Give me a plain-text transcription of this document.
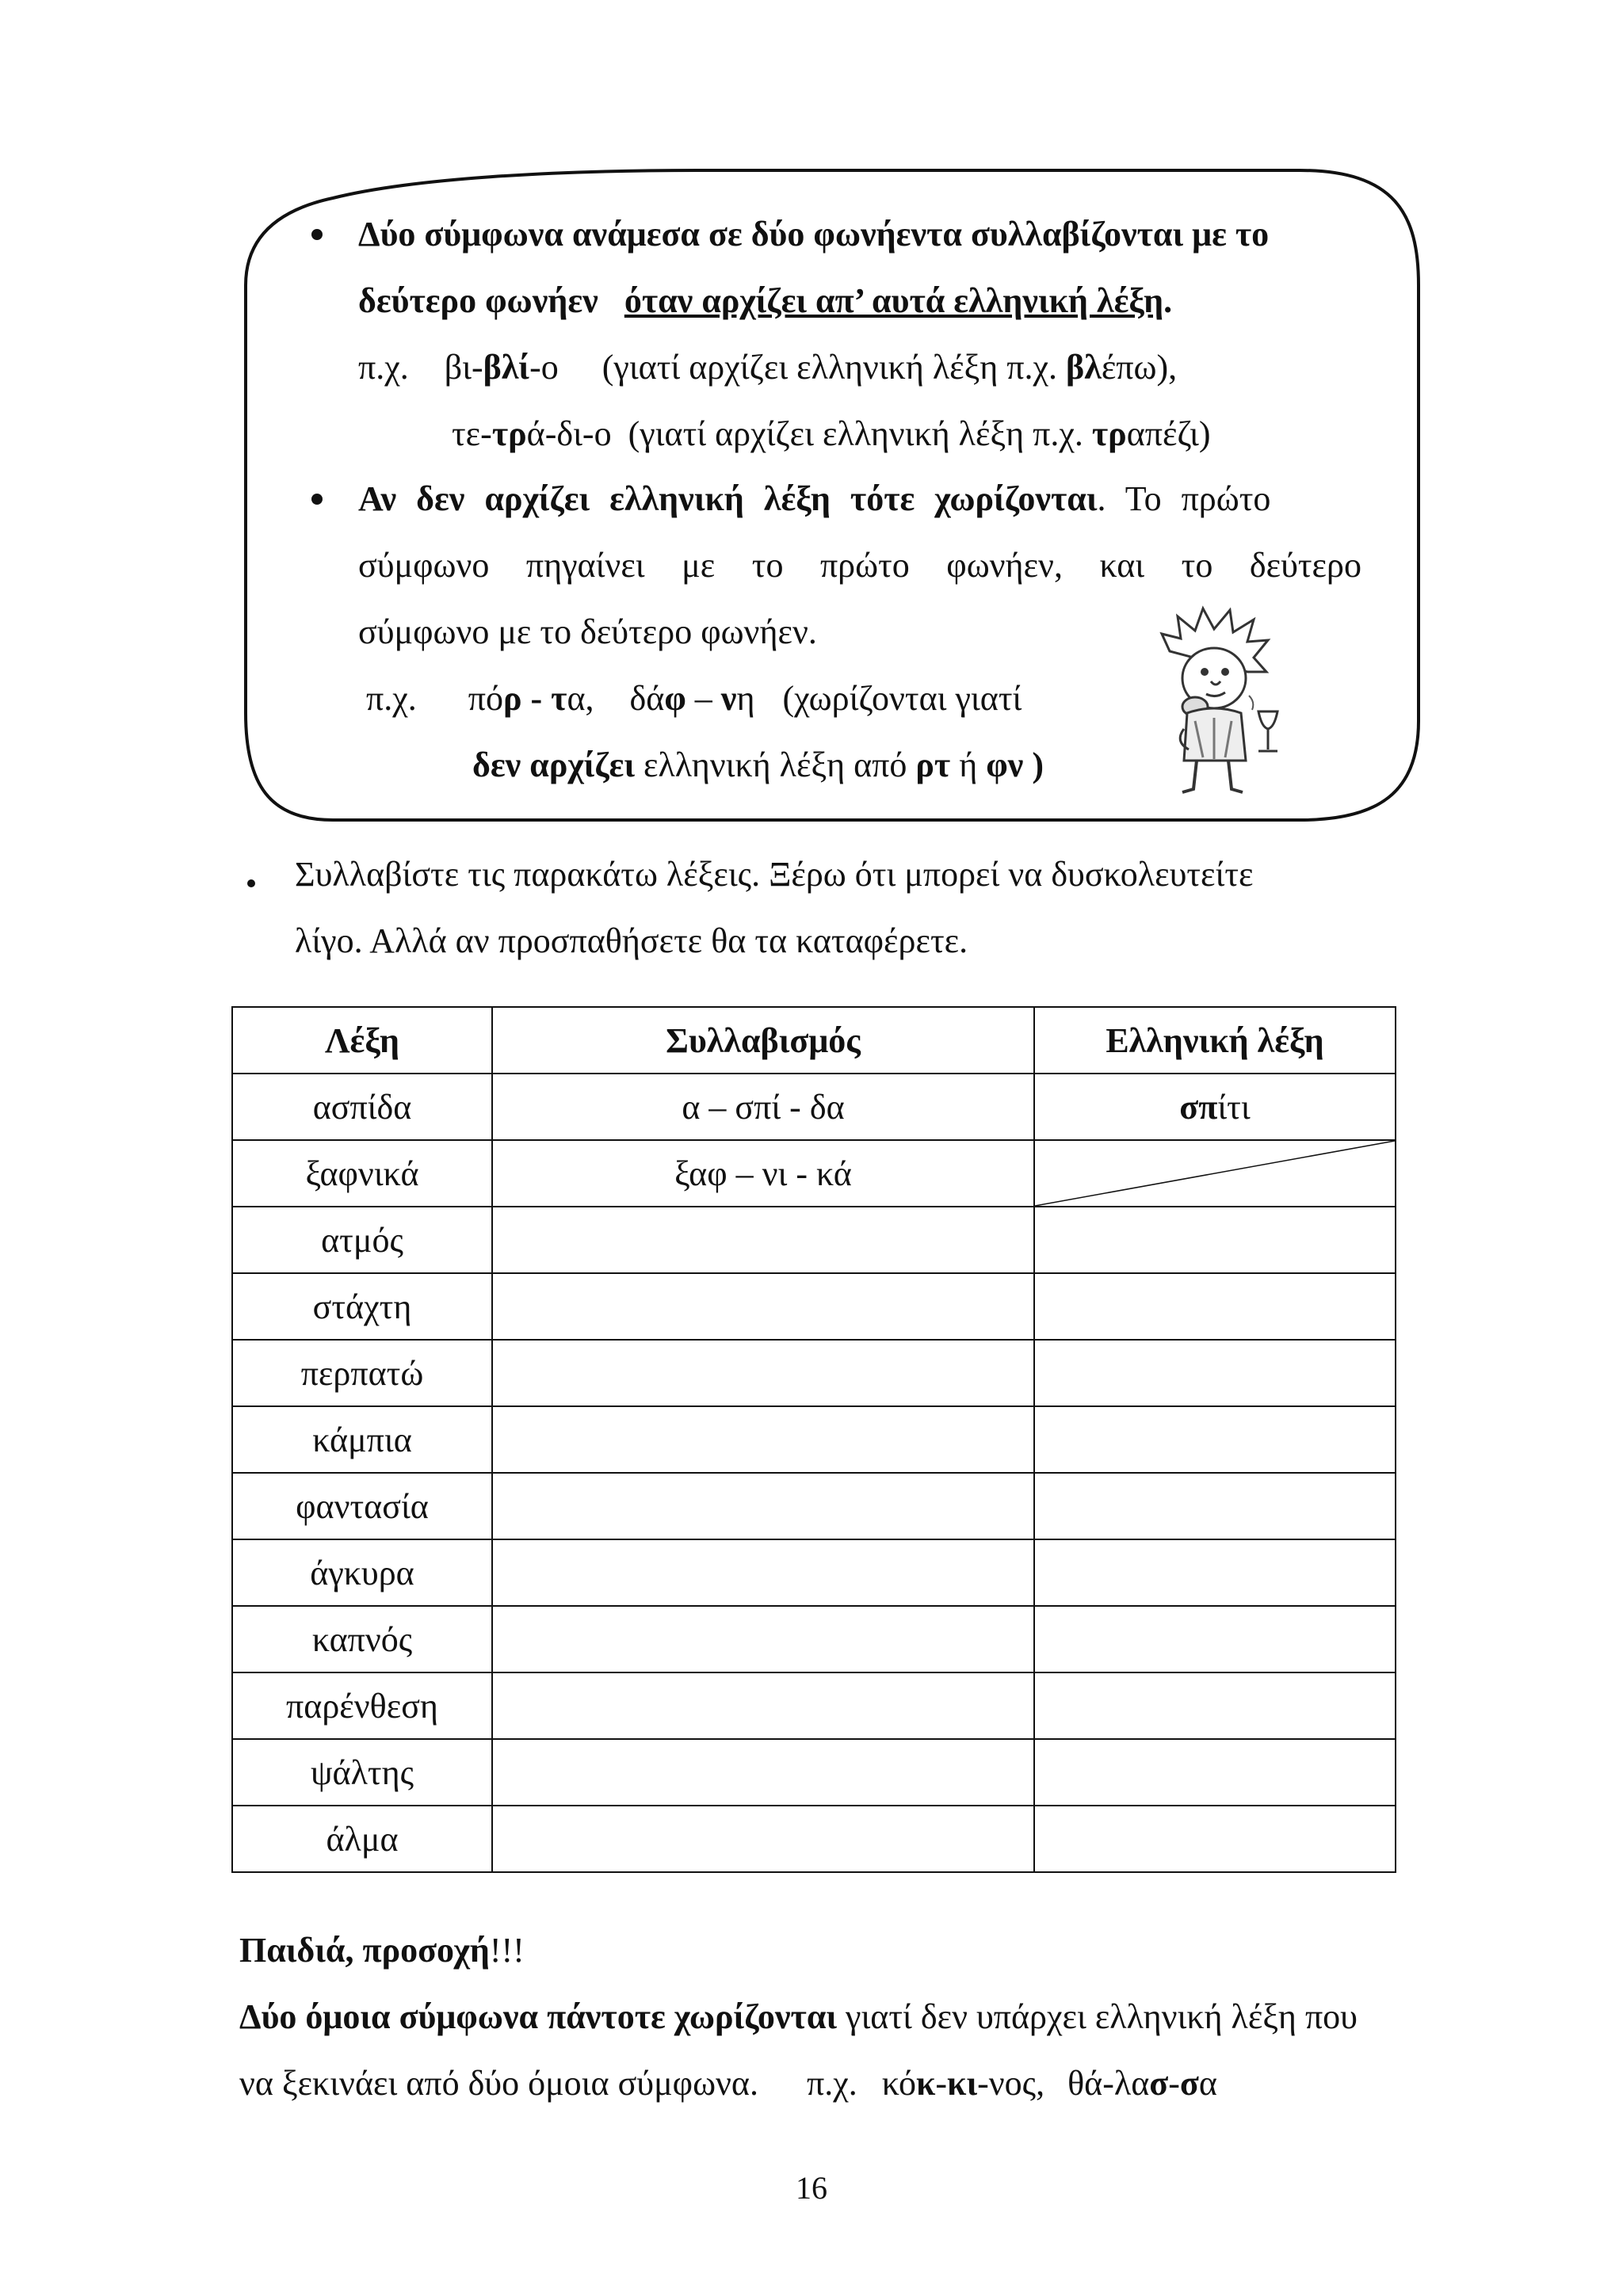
Δύο σύμφωνα ανάμεσα σε δύο φωνήεντα συλλαβίζονται με το
δεύτερο φωνήεν όταν αρχίζει απ’ αυτά ελληνική λέξη.
π.χ. βι-βλί-ο (γιατί αρχίζει ελληνική λέξη π.χ. βλέπω),
τε-τρά-δι-ο (γιατί αρχίζει ελληνική λέξη π.χ. τραπέζι)
Αν δεν αρχίζει ελληνική λέξη τότε χωρίζονται. Το πρώτο
σύμφωνο πηγαίνει με το πρώτο φωνήεν, και το δεύτερο
σύμφωνο με το δεύτερο φωνήεν.
π.χ. πόρ - τα, δάφ – νη (χωρίζονται γιατί
δεν αρχίζει ελληνική λέξη από ρτ ή φν )
Συλλαβίστε τις παρακάτω λέξεις. Ξέρω ότι μπορεί να δυσκολευτείτε
λίγο. Αλλά αν προσπαθήσετε θα τα καταφέρετε.
Λέξη	Συλλαβισμός	Ελληνική λέξη
ασπίδα	α – σπί - δα	σπίτι
ξαφνικά	ξαφ – νι - κά	

ατμός		
στάχτη		
περπατώ		
κάμπια		
φαντασία		
άγκυρα		
καπνός		
παρένθεση		
ψάλτης		
άλμα		
Παιδιά, προσοχή!!!
Δύο όμοια σύμφωνα πάντοτε χωρίζονται γιατί δεν υπάρχει ελληνική λέξη που
να ξεκινάει από δύο όμοια σύμφωνα. π.χ. κόκ-κι-νος, θά-λασ-σα
16
